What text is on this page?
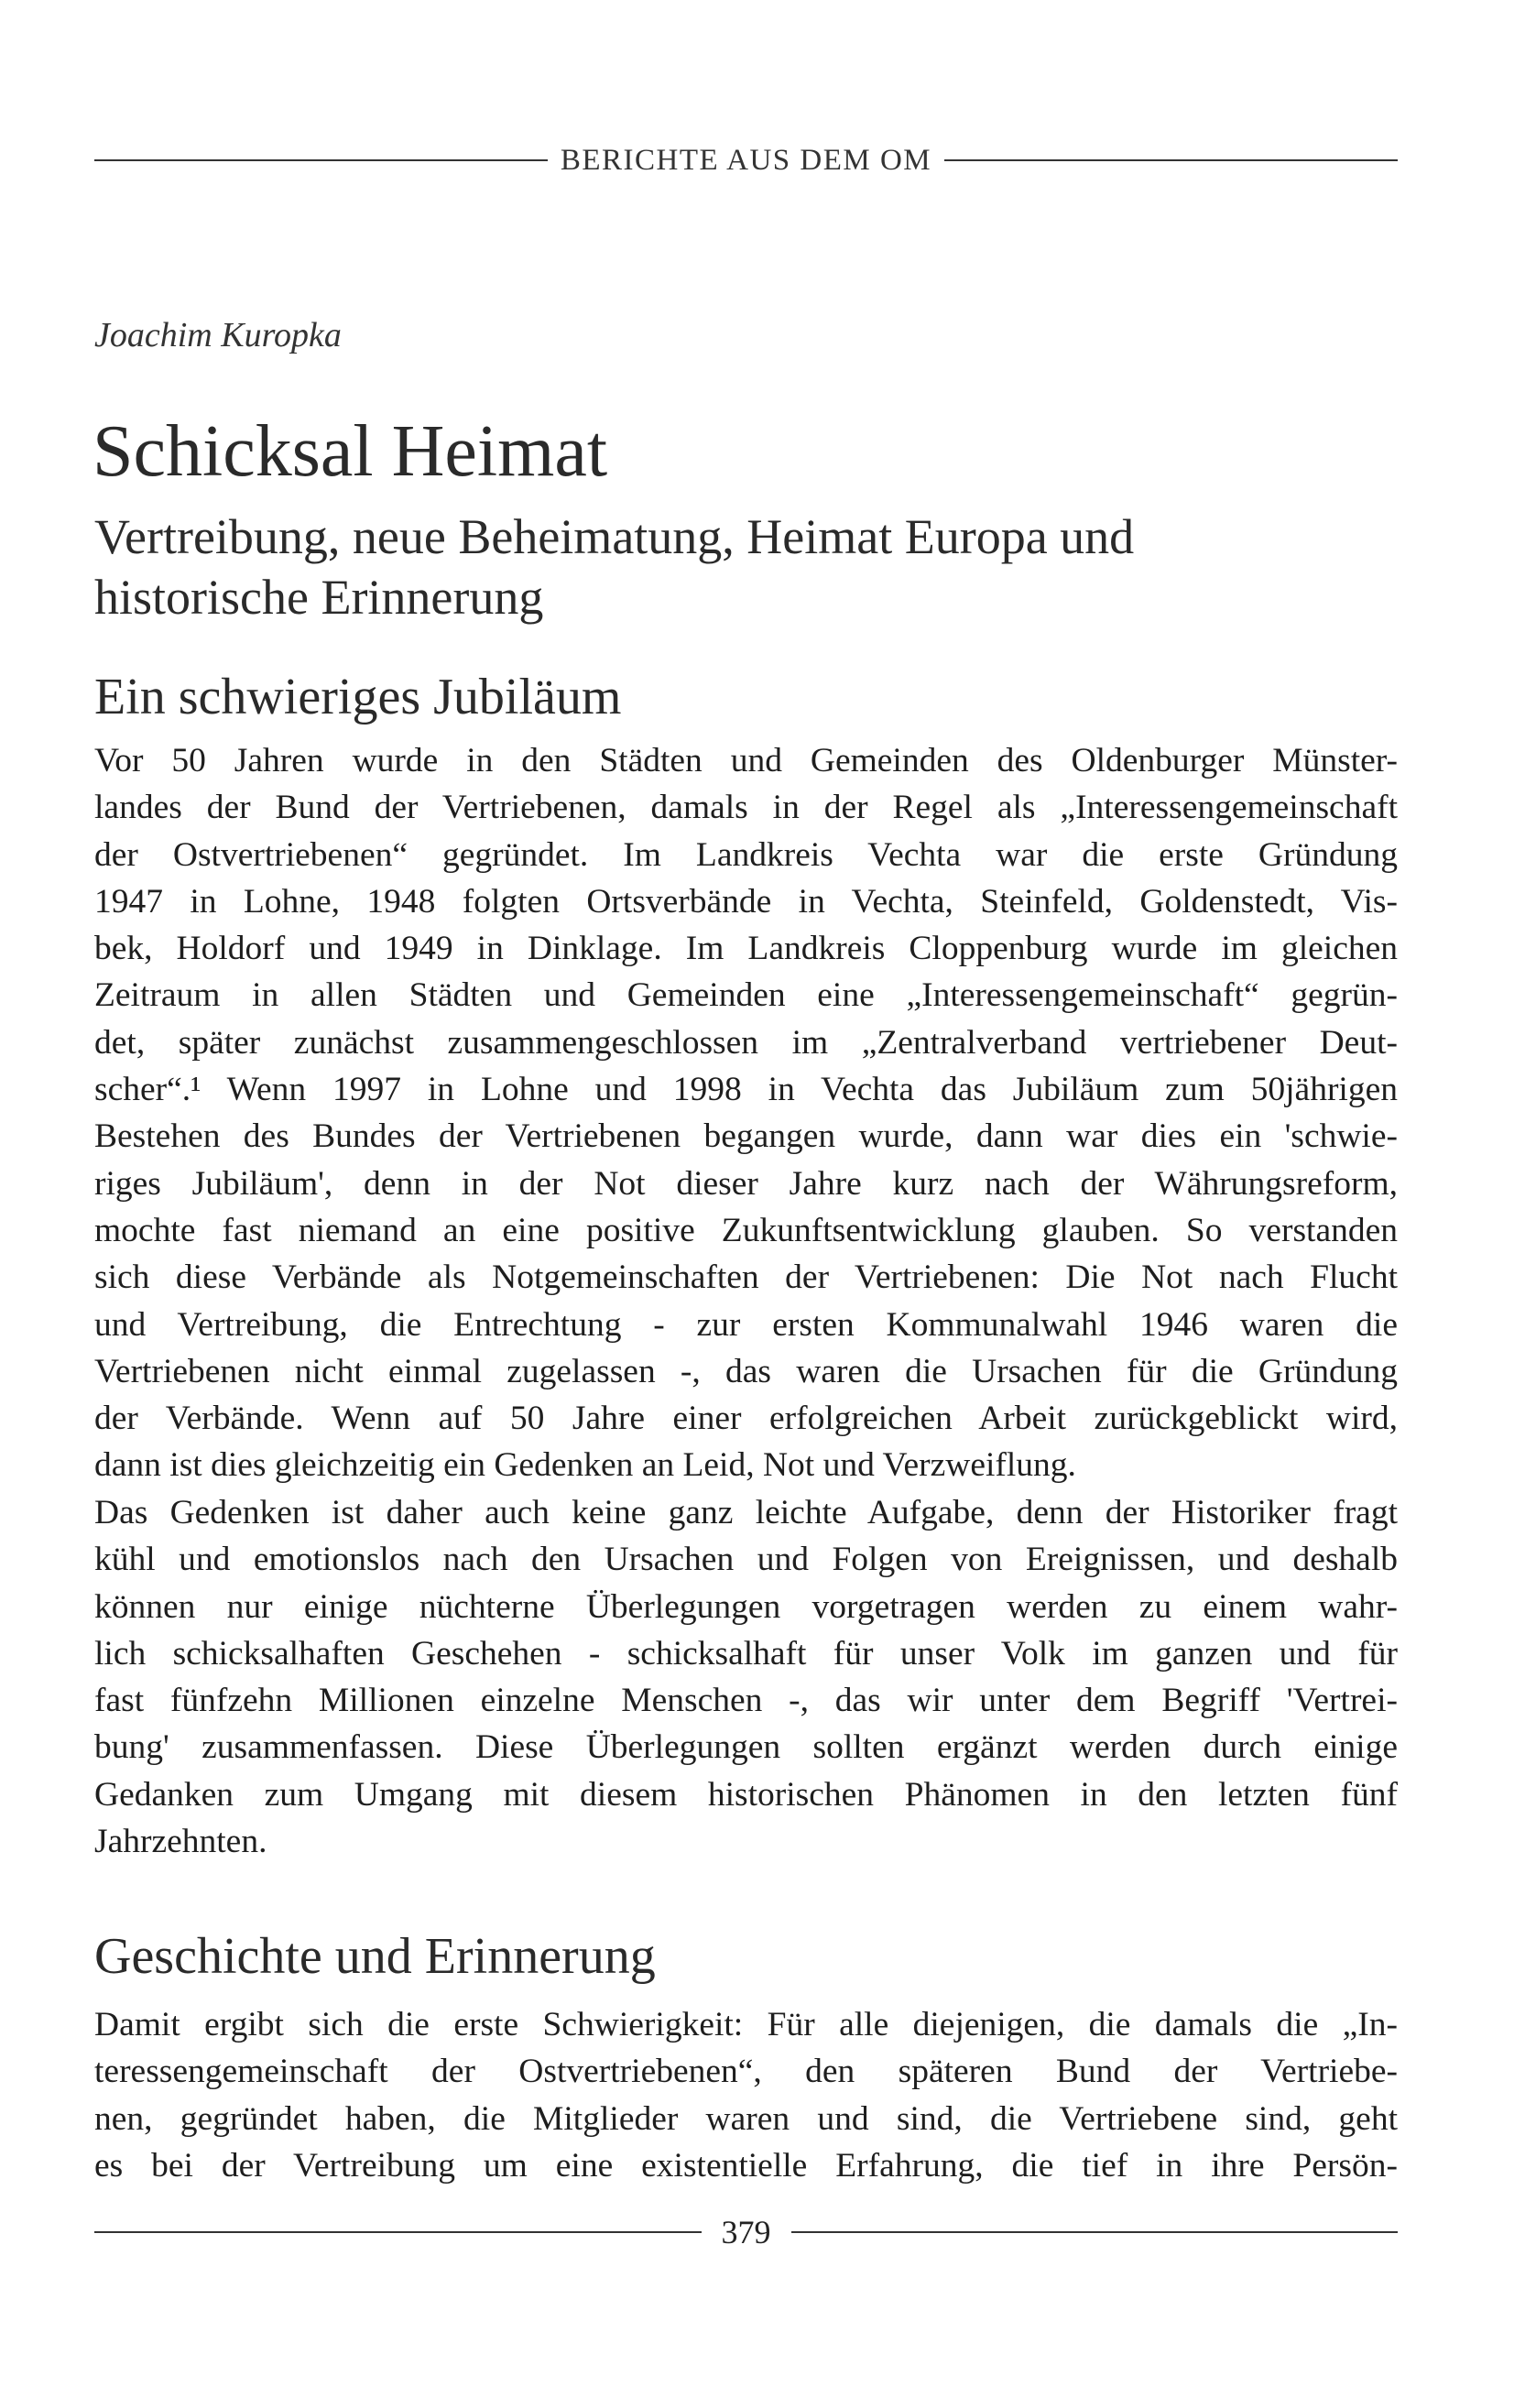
BERICHTE AUS DEM OM
Joachim Kuropka
Schicksal Heimat
Vertreibung, neue Beheimatung, Heimat Europa und
historische Erinnerung
Ein schwieriges Jubiläum
Vor 50 Jahren wurde in den Städten und Gemeinden des Oldenburger Münster-
landes der Bund der Vertriebenen, damals in der Regel als „Interessengemeinschaft
der Ostvertriebenen“ gegründet. Im Landkreis Vechta war die erste Gründung
1947 in Lohne, 1948 folgten Ortsverbände in Vechta, Steinfeld, Goldenstedt, Vis-
bek, Holdorf und 1949 in Dinklage. Im Landkreis Cloppenburg wurde im gleichen
Zeitraum in allen Städten und Gemeinden eine „Interessengemeinschaft“ gegrün-
det, später zunächst zusammengeschlossen im „Zentralverband vertriebener Deut-
scher“.¹ Wenn 1997 in Lohne und 1998 in Vechta das Jubiläum zum 50jährigen
Bestehen des Bundes der Vertriebenen begangen wurde, dann war dies ein 'schwie-
riges Jubiläum', denn in der Not dieser Jahre kurz nach der Währungsreform,
mochte fast niemand an eine positive Zukunftsentwicklung glauben. So verstanden
sich diese Verbände als Notgemeinschaften der Vertriebenen: Die Not nach Flucht
und Vertreibung, die Entrechtung - zur ersten Kommunalwahl 1946 waren die
Vertriebenen nicht einmal zugelassen -, das waren die Ursachen für die Gründung
der Verbände. Wenn auf 50 Jahre einer erfolgreichen Arbeit zurückgeblickt wird,
dann ist dies gleichzeitig ein Gedenken an Leid, Not und Verzweiflung.
Das Gedenken ist daher auch keine ganz leichte Aufgabe, denn der Historiker fragt
kühl und emotionslos nach den Ursachen und Folgen von Ereignissen, und deshalb
können nur einige nüchterne Überlegungen vorgetragen werden zu einem wahr-
lich schicksalhaften Geschehen - schicksalhaft für unser Volk im ganzen und für
fast fünfzehn Millionen einzelne Menschen -, das wir unter dem Begriff 'Vertrei-
bung' zusammenfassen. Diese Überlegungen sollten ergänzt werden durch einige
Gedanken zum Umgang mit diesem historischen Phänomen in den letzten fünf
Jahrzehnten.
Geschichte und Erinnerung
Damit ergibt sich die erste Schwierigkeit: Für alle diejenigen, die damals die „In-
teressengemeinschaft der Ostvertriebenen“, den späteren Bund der Vertriebe-
nen, gegründet haben, die Mitglieder waren und sind, die Vertriebene sind, geht
es bei der Vertreibung um eine existentielle Erfahrung, die tief in ihre Persön-
379
